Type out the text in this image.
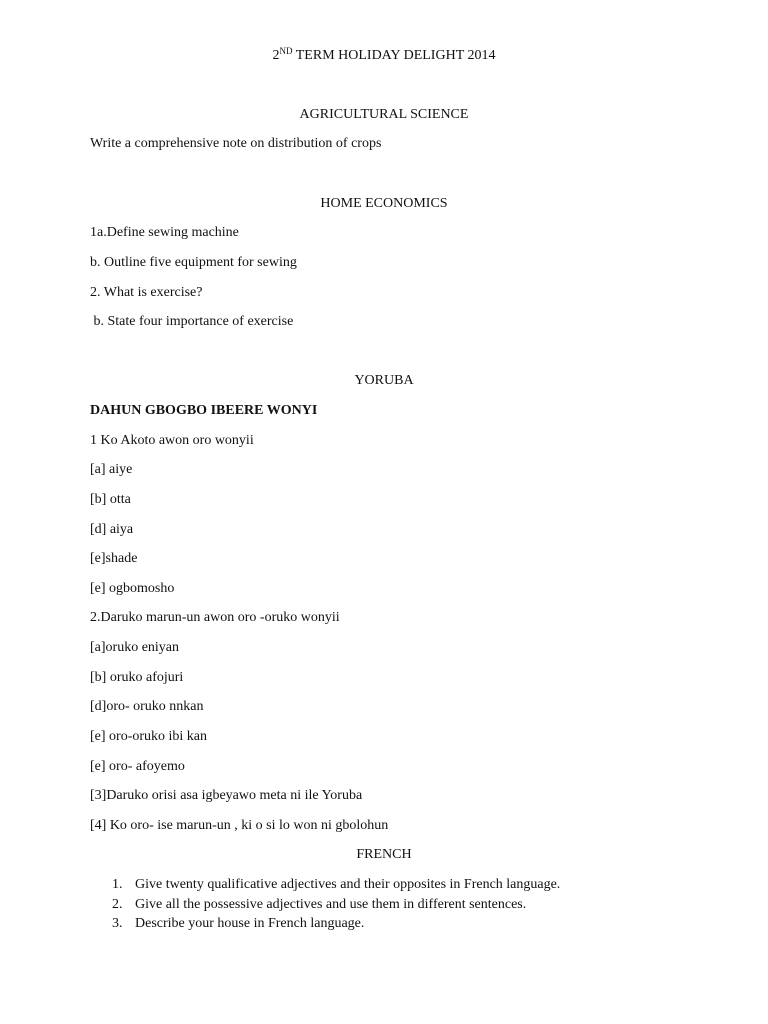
2ND TERM HOLIDAY DELIGHT 2014
AGRICULTURAL SCIENCE
Write a comprehensive note on distribution of crops
HOME ECONOMICS
1a.Define sewing machine
b. Outline five equipment for sewing
2. What is exercise?
b. State four importance of exercise
YORUBA
DAHUN GBOGBO IBEERE WONYI
1 Ko Akoto awon oro wonyii
[a] aiye
[b] otta
[d] aiya
[e]shade
[e] ogbomosho
2.Daruko marun-un awon oro -oruko wonyii
[a]oruko eniyan
[b] oruko afojuri
[d]oro- oruko nnkan
[e] oro-oruko ibi kan
[e] oro- afoyemo
[3]Daruko orisi asa igbeyawo meta ni ile Yoruba
[4] Ko oro- ise marun-un , ki o si lo won ni gbolohun
FRENCH
1. Give twenty qualificative adjectives and their opposites in French language.
2. Give all the possessive adjectives and use them in different sentences.
3. Describe your house in French language.
